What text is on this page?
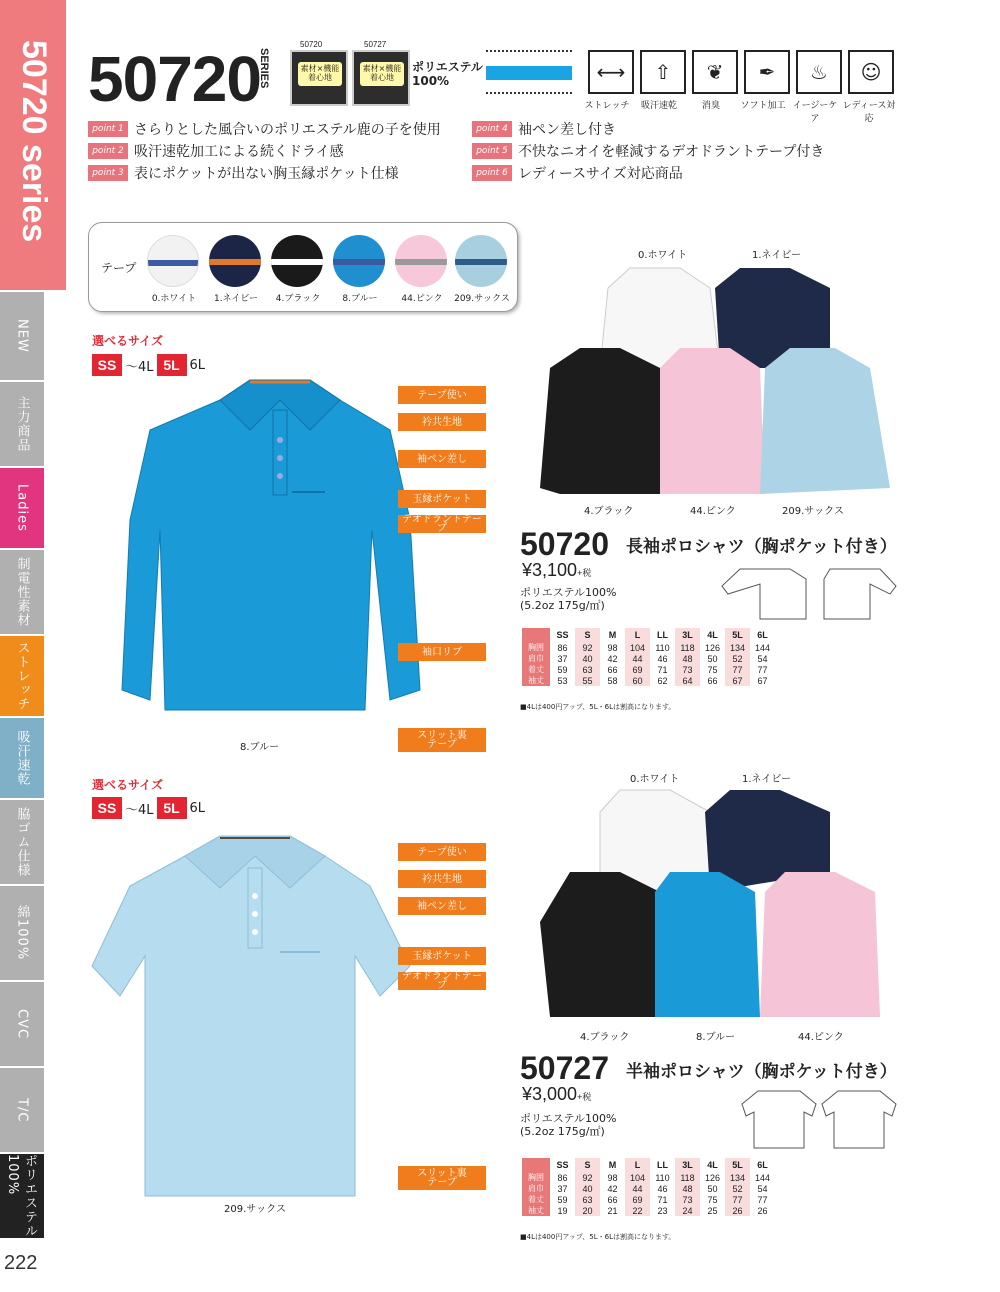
50720 series
NEW
主力商品
Ladies
制電性素材
ストレッチ
吸汗速乾
脇ゴム仕様
綿100%
CVC
T/C
ポリエステル100%
222
50720
SERIES
50720
素材×機能
着心地
50727
素材×機能
着心地
ポリエステル
100%	⟷ ⇧ ❦ ✒ ♨ ☺
ストレッチ	吸汗速乾	消臭	ソフト加工 イージーケア
レディース対応
point 1 さらりとした風合いのポリエステル鹿の子を使用
point 2 吸汗速乾加工による続くドライ感
point 3 表にポケットが出ない胸玉縁ポケット仕様
point 4 袖ペン差し付き
point 5 不快なニオイを軽減するデオドラントテープ付き
point 6 レディースサイズ対応商品
テープ
0.ホワイト	1.ネイビー	4.ブラック	8.ブルー	44.ピンク	209.サックス
選べるサイズ
SS 〜4L 5L 6L
8.ブルー
テープ使い
衿共生地
袖ペン差し
玉縁ポケット
デオドラントテープ
袖口リブ
スリット裏
テープ
0.ホワイト	1.ネイビー
4.ブラック	44.ピンク	209.サックス
50720 長袖ポロシャツ（胸ポケット付き）
¥3,100+税
ポリエステル100%
(5.2oz 175g/㎡)
	SS	S	M	L	LL	3L	4L	5L	6L
胸囲	86	92	98	104	110	118	126	134	144
肩巾	37	40	42	44	46	48	50	52	54
着丈	59	63	66	69	71	73	75	77	77
袖丈	53	55	58	60	62	64	66	67	67
■4Lは400円アップ、5L・6Lは割高になります。
選べるサイズ
SS 〜4L 5L 6L
209.サックス
テープ使い
衿共生地
袖ペン差し
玉縁ポケット
デオドラントテープ
スリット裏
テープ
0.ホワイト	1.ネイビー
4.ブラック	8.ブルー	44.ピンク
50727 半袖ポロシャツ（胸ポケット付き）
¥3,000+税
ポリエステル100%
(5.2oz 175g/㎡)
	SS	S	M	L	LL	3L	4L	5L	6L
胸囲	86	92	98	104	110	118	126	134	144
肩巾	37	40	42	44	46	48	50	52	54
着丈	59	63	66	69	71	73	75	77	77
袖丈	19	20	21	22	23	24	25	26	26
■4Lは400円アップ、5L・6Lは割高になります。
